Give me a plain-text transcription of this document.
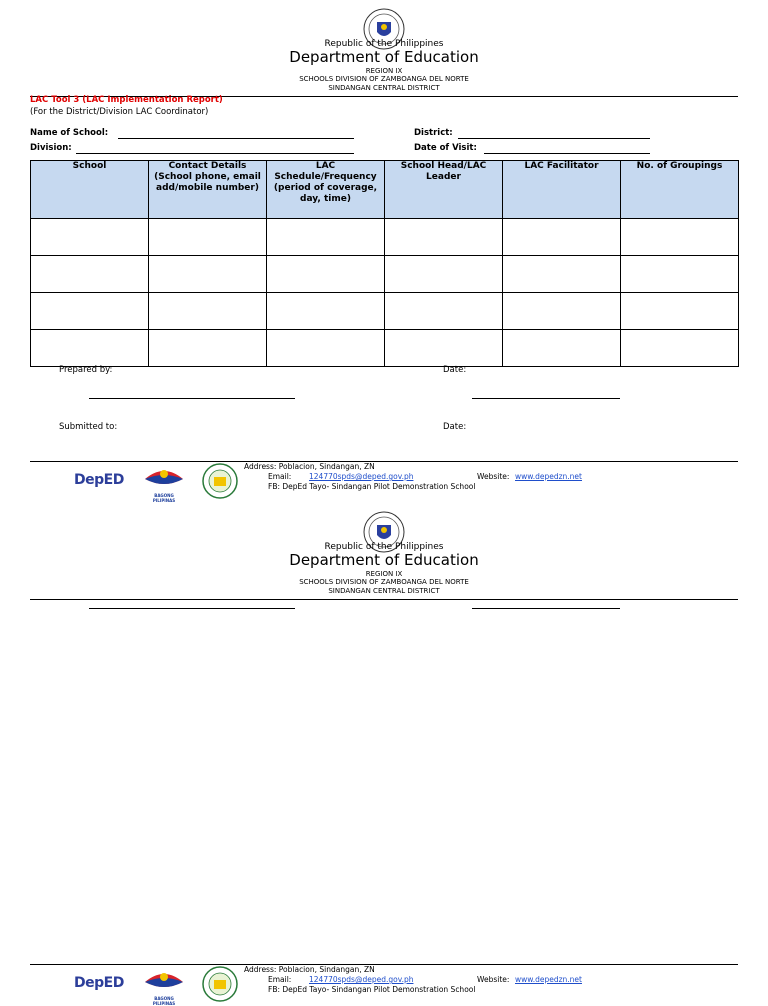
Republic of the Philippines
Department of Education
REGION IX
SCHOOLS DIVISION OF ZAMBOANGA DEL NORTE
SINDANGAN CENTRAL DISTRICT
LAC Tool 3 (LAC Implementation Report)
(For the District/Division LAC Coordinator)
Name of School:
Division:
District:
Date of Visit:
School	Contact Details (School phone, email add/mobile number)	LAC Schedule/Frequency (period of coverage, day, time)	School Head/LAC Leader	LAC Facilitator	No. of Groupings

Prepared by:	Date:
Submitted to:	Date:
DepED
BAGONG PILIPINAS
Address: Poblacion, Sindangan, ZN
Email: 124770spds@deped.gov.ph	Website: www.depedzn.net
FB: DepEd Tayo- Sindangan Pilot Demonstration School
Republic of the Philippines
Department of Education
REGION IX
SCHOOLS DIVISION OF ZAMBOANGA DEL NORTE
SINDANGAN CENTRAL DISTRICT
DepED
BAGONG PILIPINAS
Address: Poblacion, Sindangan, ZN
Email: 124770spds@deped.gov.ph	Website: www.depedzn.net
FB: DepEd Tayo- Sindangan Pilot Demonstration School
